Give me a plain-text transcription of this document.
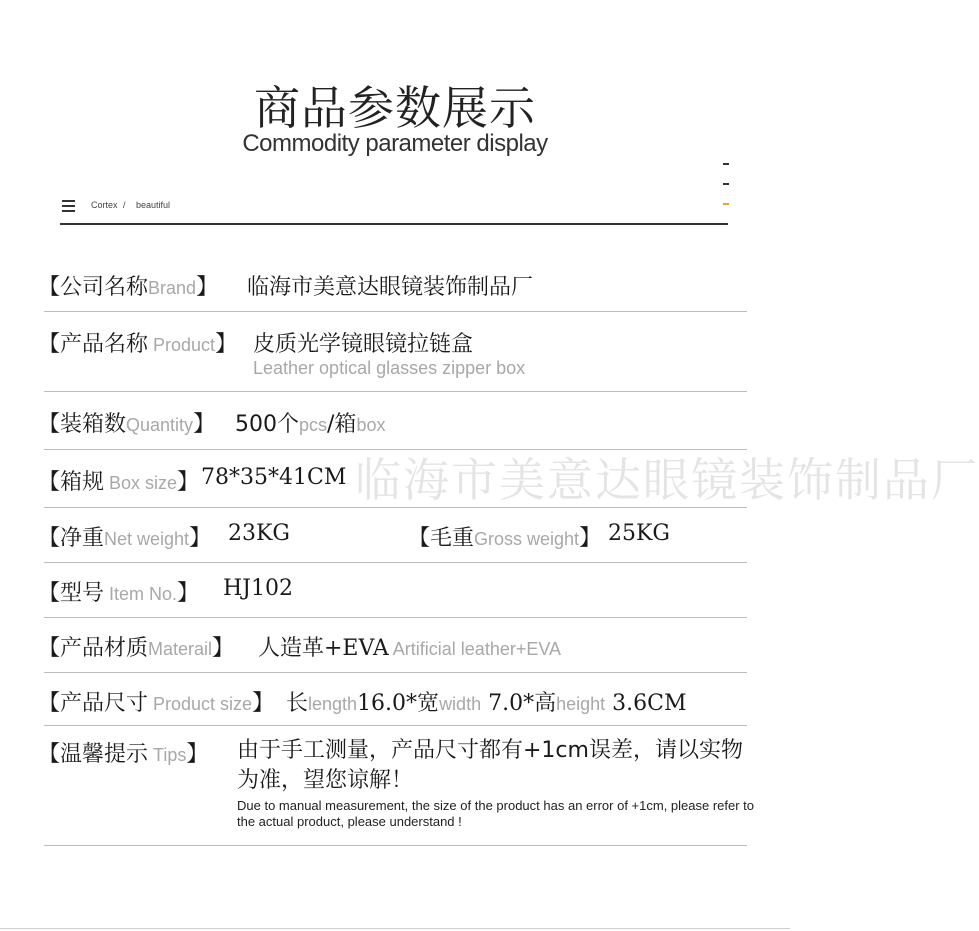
商品参数展示
Commodity parameter display
Cortex / beautiful
临海市美意达眼镜装饰制品厂
【公司名称Brand】 临海市美意达眼镜装饰制品厂
【产品名称 Product】 皮质光学镜眼镜拉链盒
Leather optical glasses zipper box
【装箱数Quantity】 500个pcs/箱box
【箱规 Box size】 78*35*41CM
【净重Net weight】 23KG	【毛重Gross weight】 25KG
【型号 Item No.】 HJ102
【产品材质Materail】 人造革+EVA Artificial leather+EVA
【产品尺寸 Product size】 长length16.0*宽width 7.0*高height 3.6CM
【温馨提示 Tips】 由于手工测量，产品尺寸都有+1cm误差，请以实物为准，望您谅解！
Due to manual measurement, the size of the product has an error of +1cm, please refer to the actual product, please understand !
